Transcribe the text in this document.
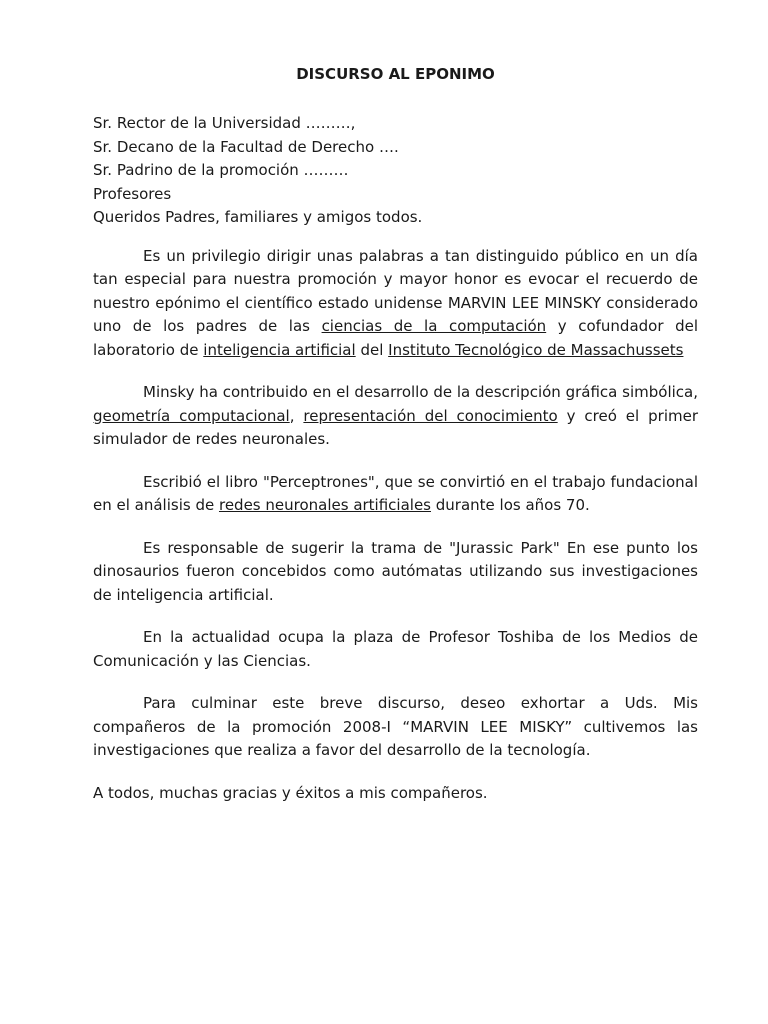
DISCURSO AL EPONIMO
Sr. Rector de la Universidad ………,
Sr. Decano de la Facultad de Derecho ….
Sr. Padrino de la promoción ………
Profesores
Queridos Padres, familiares y amigos todos.

Es un privilegio dirigir unas palabras a tan distinguido público en un día tan especial para nuestra promoción y mayor honor es evocar el recuerdo de nuestro epónimo el científico estado unidense MARVIN LEE MINSKY considerado uno de los padres de las ciencias de la computación y cofundador del laboratorio de inteligencia artificial del Instituto Tecnológico de Massachussets

Minsky ha contribuido en el desarrollo de la descripción gráfica simbólica, geometría computacional, representación del conocimiento y creó el primer simulador de redes neuronales.

Escribió el libro "Perceptrones", que se convirtió en el trabajo fundacional en el análisis de redes neuronales artificiales durante los años 70.

Es responsable de sugerir la trama de "Jurassic Park" En ese punto los dinosaurios fueron concebidos como autómatas utilizando sus investigaciones de inteligencia artificial.

En la actualidad ocupa la plaza de Profesor Toshiba de los Medios de Comunicación y las Ciencias.

Para culminar este breve discurso, deseo exhortar a Uds. Mis compañeros de la promoción 2008-I “MARVIN LEE MISKY” cultivemos las investigaciones que realiza a favor del desarrollo de la tecnología.

A todos, muchas gracias y éxitos a mis compañeros.
